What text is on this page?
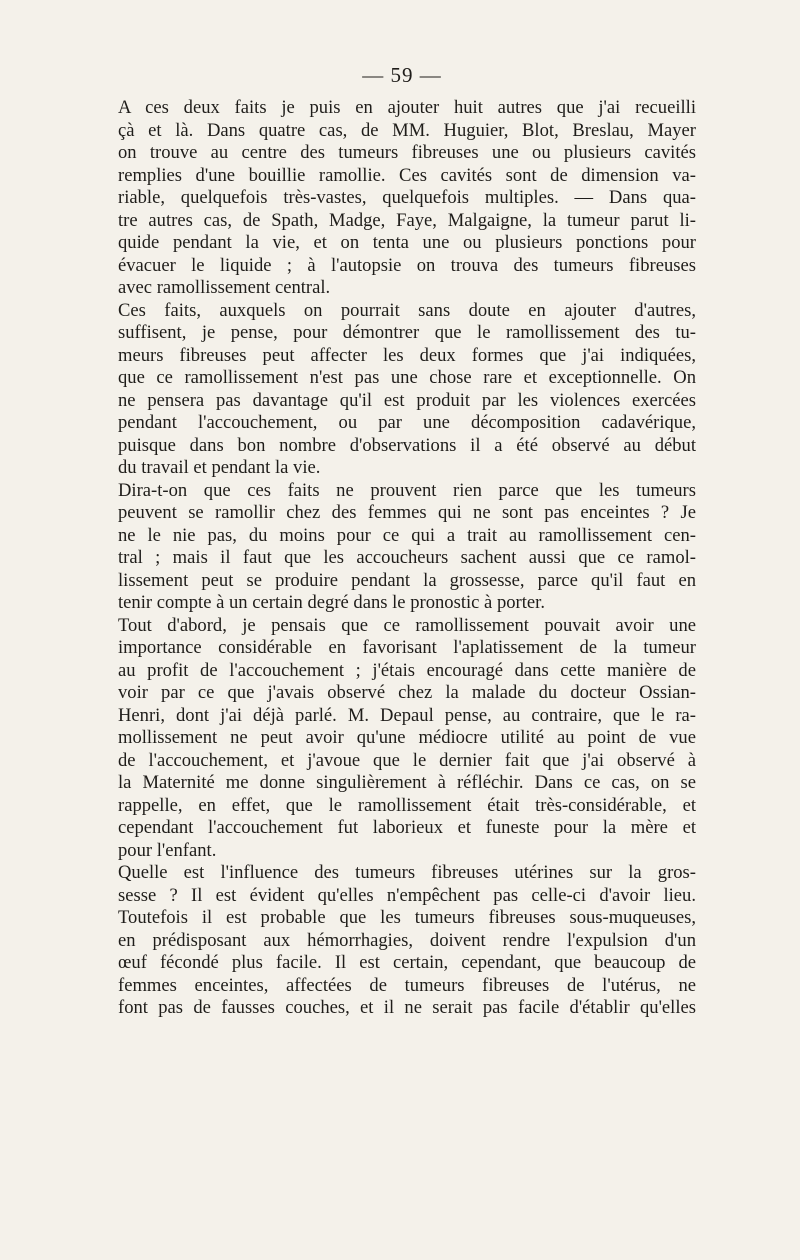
— 59 —
A ces deux faits je puis en ajouter huit autres que j'ai recueilli
çà et là. Dans quatre cas, de MM. Huguier, Blot, Breslau, Mayer
on trouve au centre des tumeurs fibreuses une ou plusieurs cavités
remplies d'une bouillie ramollie. Ces cavités sont de dimension va-
riable, quelquefois très-vastes, quelquefois multiples. — Dans qua-
tre autres cas, de Spath, Madge, Faye, Malgaigne, la tumeur parut li-
quide pendant la vie, et on tenta une ou plusieurs ponctions pour
évacuer le liquide ; à l'autopsie on trouva des tumeurs fibreuses
avec ramollissement central.
Ces faits, auxquels on pourrait sans doute en ajouter d'autres,
suffisent, je pense, pour démontrer que le ramollissement des tu-
meurs fibreuses peut affecter les deux formes que j'ai indiquées,
que ce ramollissement n'est pas une chose rare et exceptionnelle. On
ne pensera pas davantage qu'il est produit par les violences exercées
pendant l'accouchement, ou par une décomposition cadavérique,
puisque dans bon nombre d'observations il a été observé au début
du travail et pendant la vie.
Dira-t-on que ces faits ne prouvent rien parce que les tumeurs
peuvent se ramollir chez des femmes qui ne sont pas enceintes ? Je
ne le nie pas, du moins pour ce qui a trait au ramollissement cen-
tral ; mais il faut que les accoucheurs sachent aussi que ce ramol-
lissement peut se produire pendant la grossesse, parce qu'il faut en
tenir compte à un certain degré dans le pronostic à porter.
Tout d'abord, je pensais que ce ramollissement pouvait avoir une
importance considérable en favorisant l'aplatissement de la tumeur
au profit de l'accouchement ; j'étais encouragé dans cette manière de
voir par ce que j'avais observé chez la malade du docteur Ossian-
Henri, dont j'ai déjà parlé. M. Depaul pense, au contraire, que le ra-
mollissement ne peut avoir qu'une médiocre utilité au point de vue
de l'accouchement, et j'avoue que le dernier fait que j'ai observé à
la Maternité me donne singulièrement à réfléchir. Dans ce cas, on se
rappelle, en effet, que le ramollissement était très-considérable, et
cependant l'accouchement fut laborieux et funeste pour la mère et
pour l'enfant.
Quelle est l'influence des tumeurs fibreuses utérines sur la gros-
sesse ? Il est évident qu'elles n'empêchent pas celle-ci d'avoir lieu.
Toutefois il est probable que les tumeurs fibreuses sous-muqueuses,
en prédisposant aux hémorrhagies, doivent rendre l'expulsion d'un
œuf fécondé plus facile. Il est certain, cependant, que beaucoup de
femmes enceintes, affectées de tumeurs fibreuses de l'utérus, ne
font pas de fausses couches, et il ne serait pas facile d'établir qu'elles
